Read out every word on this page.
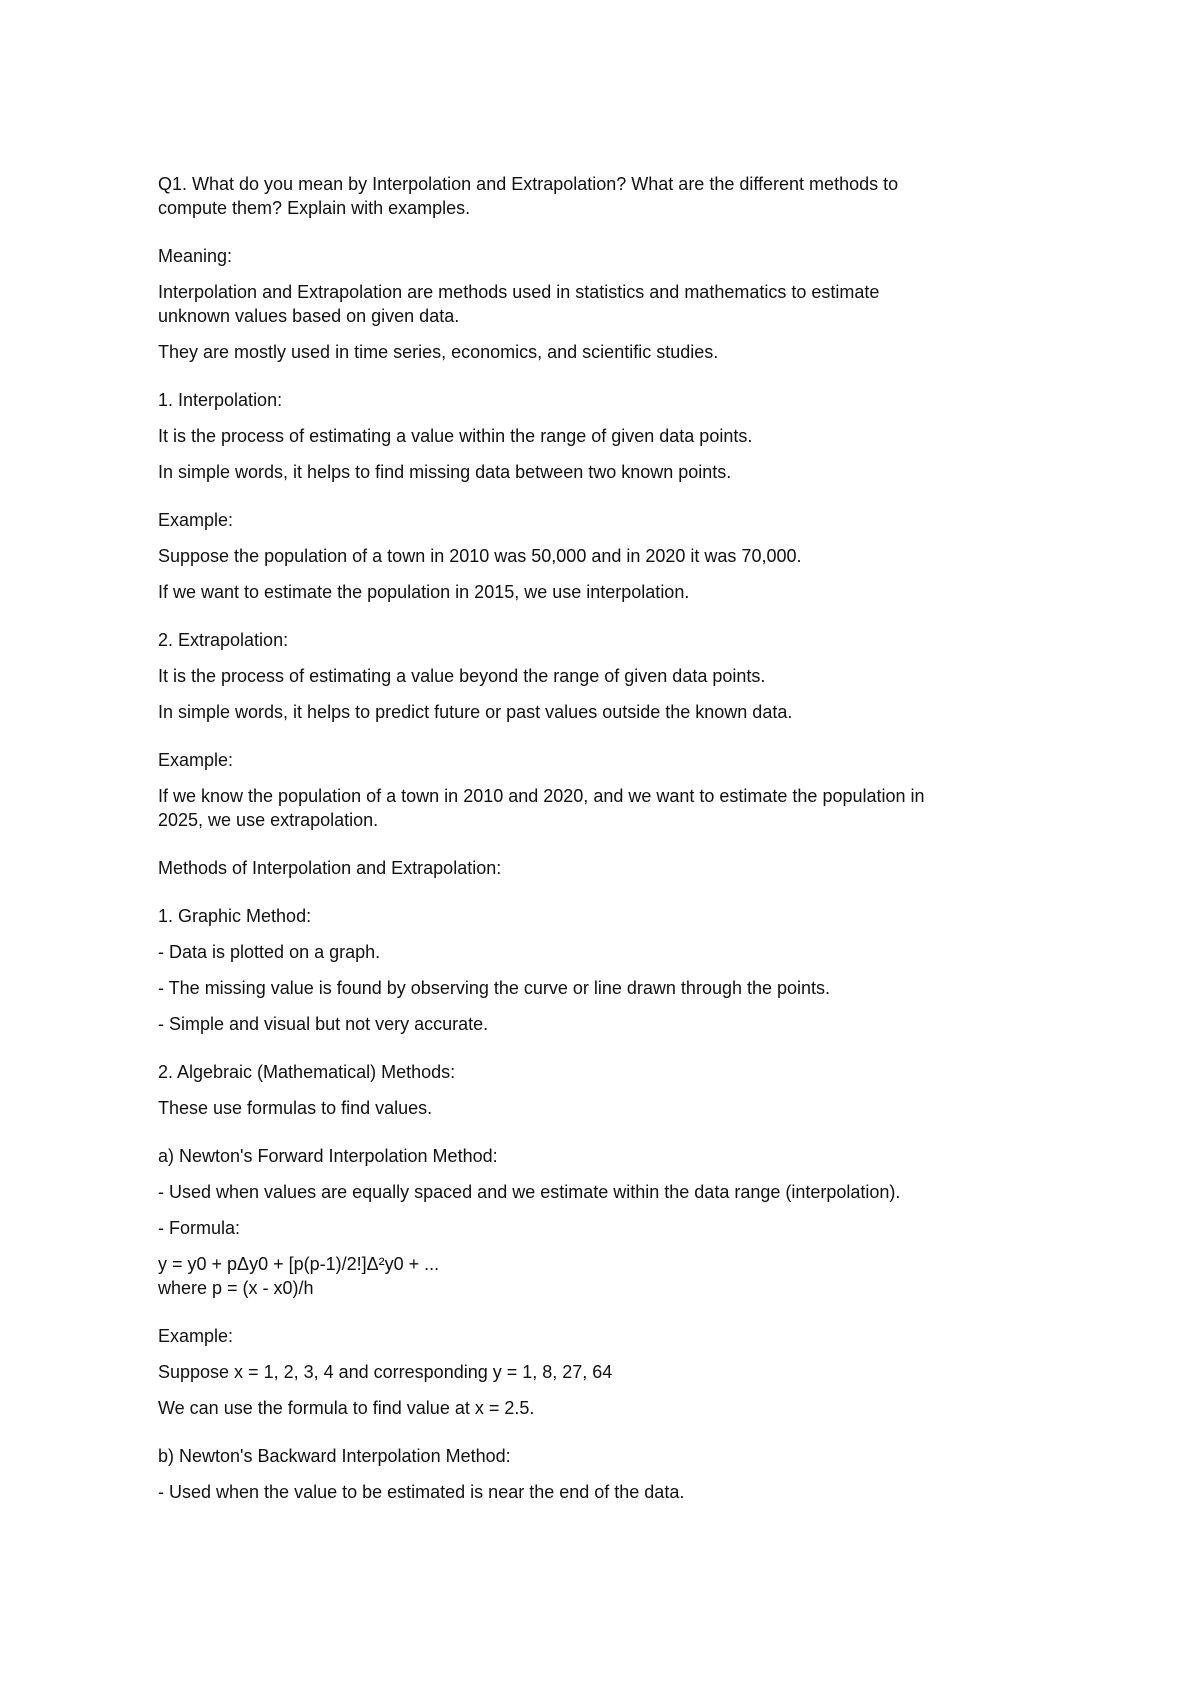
Q1. What do you mean by Interpolation and Extrapolation? What are the different methods to
compute them? Explain with examples.

Meaning:

Interpolation and Extrapolation are methods used in statistics and mathematics to estimate
unknown values based on given data.

They are mostly used in time series, economics, and scientific studies.

1. Interpolation:

It is the process of estimating a value within the range of given data points.

In simple words, it helps to find missing data between two known points.

Example:

Suppose the population of a town in 2010 was 50,000 and in 2020 it was 70,000.

If we want to estimate the population in 2015, we use interpolation.

2. Extrapolation:

It is the process of estimating a value beyond the range of given data points.

In simple words, it helps to predict future or past values outside the known data.

Example:

If we know the population of a town in 2010 and 2020, and we want to estimate the population in
2025, we use extrapolation.

Methods of Interpolation and Extrapolation:

1. Graphic Method:

- Data is plotted on a graph.

- The missing value is found by observing the curve or line drawn through the points.

- Simple and visual but not very accurate.

2. Algebraic (Mathematical) Methods:

These use formulas to find values.

a) Newton's Forward Interpolation Method:

- Used when values are equally spaced and we estimate within the data range (interpolation).

- Formula:

y = y0 + pΔy0 + [p(p-1)/2!]Δ²y0 + ...
where p = (x - x0)/h

Example:

Suppose x = 1, 2, 3, 4 and corresponding y = 1, 8, 27, 64

We can use the formula to find value at x = 2.5.

b) Newton's Backward Interpolation Method:

- Used when the value to be estimated is near the end of the data.
